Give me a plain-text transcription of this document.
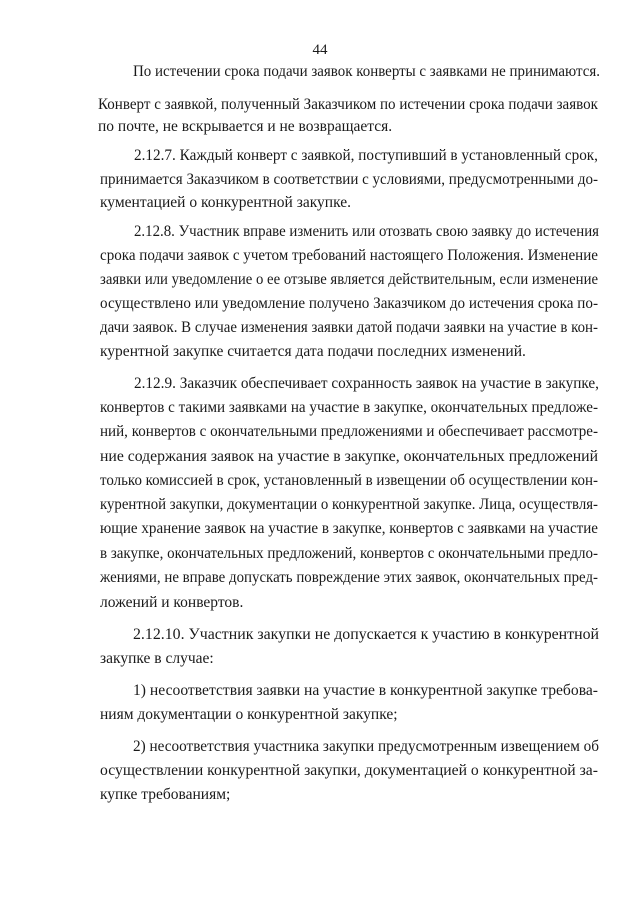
44
По истечении срока подачи заявок конверты с заявками не принимаются.
Конверт с заявкой, полученный Заказчиком по истечении срока подачи заявок
по почте, не вскрывается и не возвращается.
2.12.7. Каждый конверт с заявкой, поступивший в установленный срок,
принимается Заказчиком в соответствии с условиями, предусмотренными до-
кументацией о конкурентной закупке.
2.12.8. Участник вправе изменить или отозвать свою заявку до истечения
срока подачи заявок с учетом требований настоящего Положения. Изменение
заявки или уведомление о ее отзыве является действительным, если изменение
осуществлено или уведомление получено Заказчиком до истечения срока по-
дачи заявок. В случае изменения заявки датой подачи заявки на участие в кон-
курентной закупке считается дата подачи последних изменений.
2.12.9. Заказчик обеспечивает сохранность заявок на участие в закупке,
конвертов с такими заявками на участие в закупке, окончательных предложе-
ний, конвертов с окончательными предложениями и обеспечивает рассмотре-
ние содержания заявок на участие в закупке, окончательных предложений
только комиссией в срок, установленный в извещении об осуществлении кон-
курентной закупки, документации о конкурентной закупке. Лица, осуществля-
ющие хранение заявок на участие в закупке, конвертов с заявками на участие
в закупке, окончательных предложений, конвертов с окончательными предло-
жениями, не вправе допускать повреждение этих заявок, окончательных пред-
ложений и конвертов.
2.12.10. Участник закупки не допускается к участию в конкурентной
закупке в случае:
1) несоответствия заявки на участие в конкурентной закупке требова-
ниям документации о конкурентной закупке;
2) несоответствия участника закупки предусмотренным извещением об
осуществлении конкурентной закупки, документацией о конкурентной за-
купке требованиям;
